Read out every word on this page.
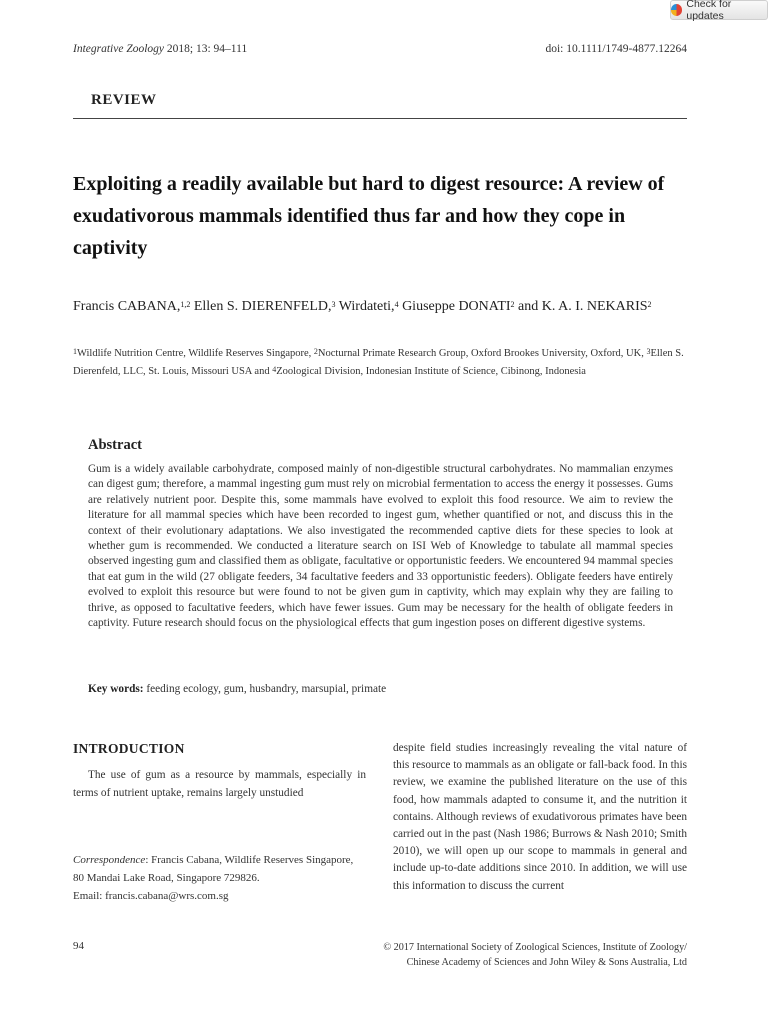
Integrative Zoology 2018; 13: 94–111	doi: 10.1111/1749-4877.12264
Check for updates
REVIEW
Exploiting a readily available but hard to digest resource: A review of exudativorous mammals identified thus far and how they cope in captivity
Francis CABANA,$^{1,2}$ Ellen S. DIERENFELD,$^3$ Wirdateti,$^4$ Giuseppe DONATI$^2$ and K. A. I. NEKARIS$^2$
$^1$Wildlife Nutrition Centre, Wildlife Reserves Singapore, $^2$Nocturnal Primate Research Group, Oxford Brookes University, Oxford, UK, $^3$Ellen S. Dierenfeld, LLC, St. Louis, Missouri USA and $^4$Zoological Division, Indonesian Institute of Science, Cibinong, Indonesia
Abstract
Gum is a widely available carbohydrate, composed mainly of non-digestible structural carbohydrates. No mammalian enzymes can digest gum; therefore, a mammal ingesting gum must rely on microbial fermentation to access the energy it possesses. Gums are relatively nutrient poor. Despite this, some mammals have evolved to exploit this food resource. We aim to review the literature for all mammal species which have been recorded to ingest gum, whether quantified or not, and discuss this in the context of their evolutionary adaptations. We also investigated the recommended captive diets for these species to look at whether gum is recommended. We conducted a literature search on ISI Web of Knowledge to tabulate all mammal species observed ingesting gum and classified them as obligate, facultative or opportunistic feeders. We encountered 94 mammal species that eat gum in the wild (27 obligate feeders, 34 facultative feeders and 33 opportunistic feeders). Obligate feeders have entirely evolved to exploit this resource but were found to not be given gum in captivity, which may explain why they are failing to thrive, as opposed to facultative feeders, which have fewer issues. Gum may be necessary for the health of obligate feeders in captivity. Future research should focus on the physiological effects that gum ingestion poses on different digestive systems.
Key words: feeding ecology, gum, husbandry, marsupial, primate
INTRODUCTION
The use of gum as a resource by mammals, especially in terms of nutrient uptake, remains largely unstudied
despite field studies increasingly revealing the vital nature of this resource to mammals as an obligate or fall-back food. In this review, we examine the published literature on the use of this food, how mammals adapted to consume it, and the nutrition it contains. Although reviews of exudativorous primates have been carried out in the past (Nash 1986; Burrows & Nash 2010; Smith 2010), we will open up our scope to mammals in general and include up-to-date additions since 2010. In addition, we will use this information to discuss the current
Correspondence: Francis Cabana, Wildlife Reserves Singapore,
80 Mandai Lake Road, Singapore 729826.
Email: francis.cabana@wrs.com.sg
94	© 2017 International Society of Zoological Sciences, Institute of Zoology/
Chinese Academy of Sciences and John Wiley & Sons Australia, Ltd
